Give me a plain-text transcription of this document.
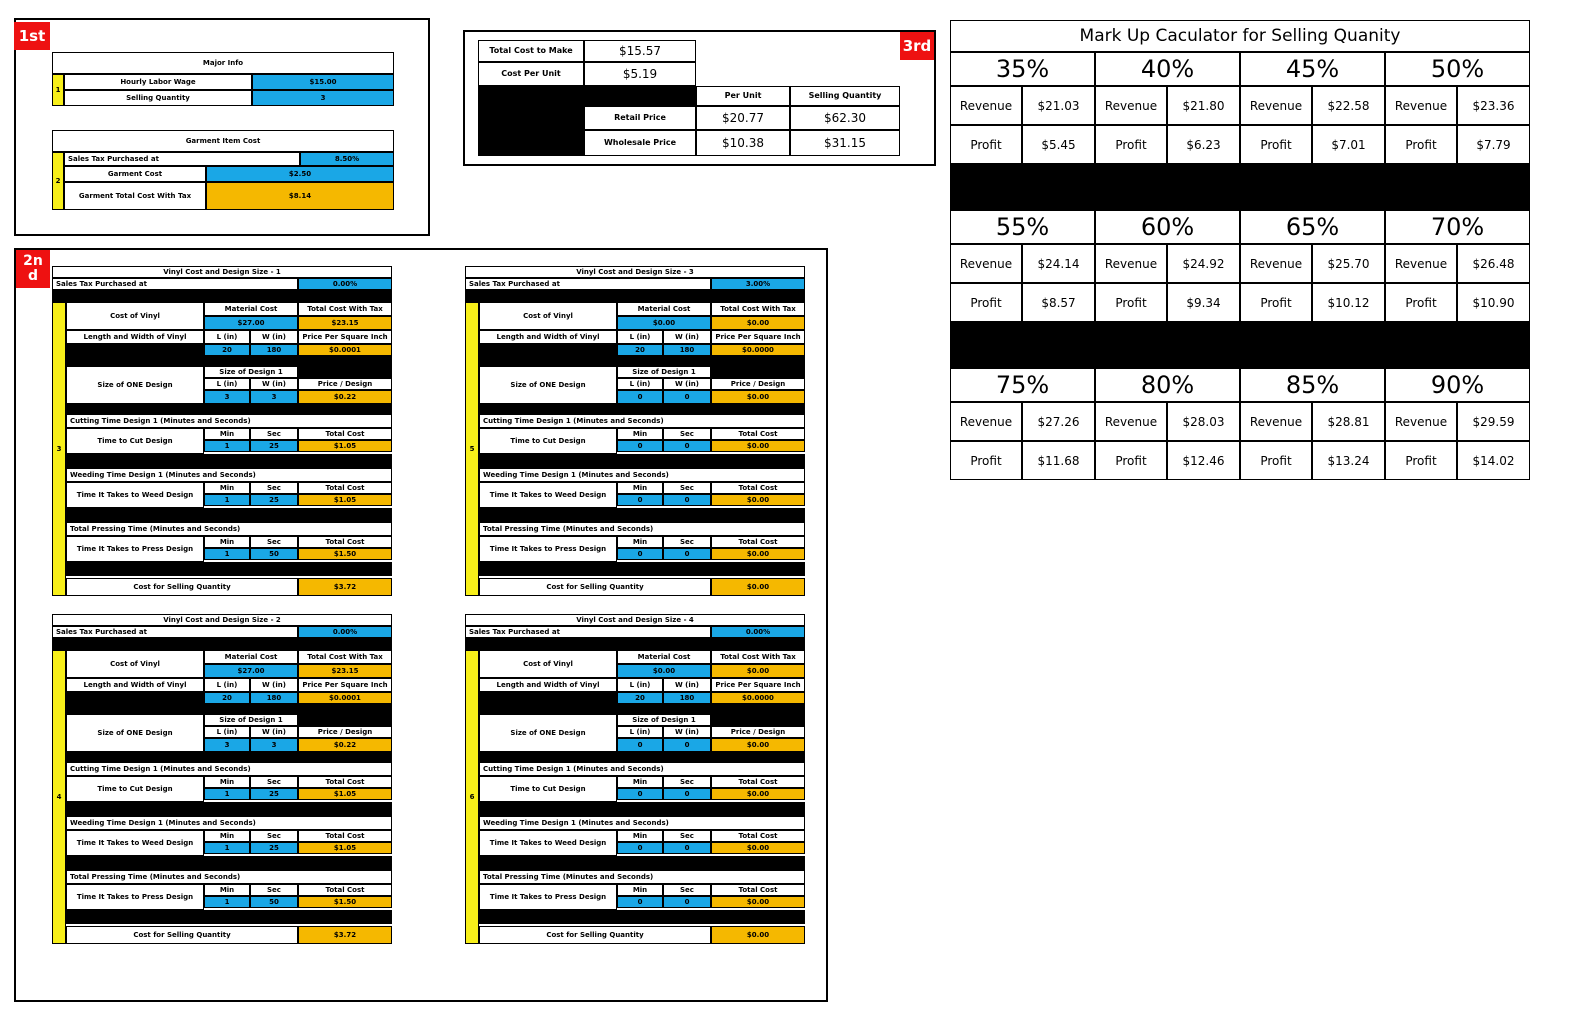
1st
Major Info
1
Hourly Labor Wage	$15.00
Selling Quantity	3
Garment Item Cost
2
Sales Tax Purchased at	8.50%
Garment Cost	$2.50
Garment Total Cost With Tax	$8.14
3rd
Total Cost to Make	$15.57
Cost Per Unit	$5.19
Per Unit	Selling Quantity
Retail Price	$20.77	$62.30
Wholesale Price	$10.38	$31.15
Mark Up Caculator for Selling Quanity
35%
Revenue	$21.03
Profit	$5.45
40%
Revenue	$21.80
Profit	$6.23
45%
Revenue	$22.58
Profit	$7.01
50%
Revenue	$23.36
Profit	$7.79
55%
Revenue	$24.14
Profit	$8.57
60%
Revenue	$24.92
Profit	$9.34
65%
Revenue	$25.70
Profit	$10.12
70%
Revenue	$26.48
Profit	$10.90
75%
Revenue	$27.26
Profit	$11.68
80%
Revenue	$28.03
Profit	$12.46
85%
Revenue	$28.81
Profit	$13.24
90%
Revenue	$29.59
Profit	$14.02
2nd	Vinyl Cost and Design Size - 1
Sales Tax Purchased at	0.00%
3
Cost of Vinyl
Material Cost	Total Cost With Tax
$27.00	$23.15
Length and Width of Vinyl	L (in)	W (in)	Price Per Square Inch
20	180	$0.0001
Size of ONE Design
Size of Design 1
L (in)	W (in)	Price / Design
3	3	$0.22
Cutting Time Design 1 (Minutes and Seconds)
Time to Cut Design
Min	Sec	Total Cost
1	25	$1.05
Weeding Time Design 1 (Minutes and Seconds)
Time It Takes to Weed Design
Min	Sec	Total Cost
1	25	$1.05
Total Pressing Time (Minutes and Seconds)
Time It Takes to Press Design
Min	Sec	Total Cost
1	50	$1.50
Cost for Selling Quantity	$3.72
Vinyl Cost and Design Size - 3
Sales Tax Purchased at	3.00%
5
Cost of Vinyl
Material Cost	Total Cost With Tax
$0.00	$0.00
Length and Width of Vinyl	L (in)	W (in)	Price Per Square Inch
20	180	$0.0000
Size of ONE Design
Size of Design 1
L (in)	W (in)	Price / Design
0	0	$0.00
Cutting Time Design 1 (Minutes and Seconds)
Time to Cut Design
Min	Sec	Total Cost
0	0	$0.00
Weeding Time Design 1 (Minutes and Seconds)
Time It Takes to Weed Design
Min	Sec	Total Cost
0	0	$0.00
Total Pressing Time (Minutes and Seconds)
Time It Takes to Press Design
Min	Sec	Total Cost
0	0	$0.00
Cost for Selling Quantity	$0.00
Vinyl Cost and Design Size - 2
Sales Tax Purchased at	0.00%
4
Cost of Vinyl
Material Cost	Total Cost With Tax
$27.00	$23.15
Length and Width of Vinyl	L (in)	W (in)	Price Per Square Inch
20	180	$0.0001
Size of ONE Design
Size of Design 1
L (in)	W (in)	Price / Design
3	3	$0.22
Cutting Time Design 1 (Minutes and Seconds)
Time to Cut Design
Min	Sec	Total Cost
1	25	$1.05
Weeding Time Design 1 (Minutes and Seconds)
Time It Takes to Weed Design
Min	Sec	Total Cost
1	25	$1.05
Total Pressing Time (Minutes and Seconds)
Time It Takes to Press Design
Min	Sec	Total Cost
1	50	$1.50
Cost for Selling Quantity	$3.72
Vinyl Cost and Design Size - 4
Sales Tax Purchased at	0.00%
6
Cost of Vinyl
Material Cost	Total Cost With Tax
$0.00	$0.00
Length and Width of Vinyl	L (in)	W (in)	Price Per Square Inch
20	180	$0.0000
Size of ONE Design
Size of Design 1
L (in)	W (in)	Price / Design
0	0	$0.00
Cutting Time Design 1 (Minutes and Seconds)
Time to Cut Design
Min	Sec	Total Cost
0	0	$0.00
Weeding Time Design 1 (Minutes and Seconds)
Time It Takes to Weed Design
Min	Sec	Total Cost
0	0	$0.00
Total Pressing Time (Minutes and Seconds)
Time It Takes to Press Design
Min	Sec	Total Cost
0	0	$0.00
Cost for Selling Quantity	$0.00
